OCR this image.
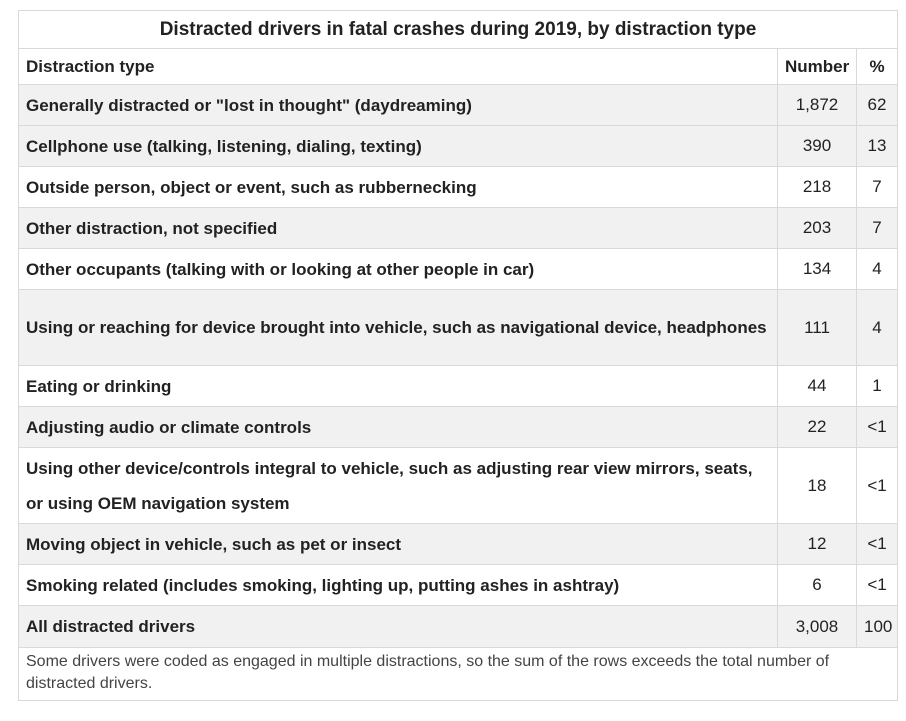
Distracted drivers in fatal crashes during 2019, by distraction type		
Distraction type	Number	%
Generally distracted or "lost in thought" (daydreaming)	1,872	62
Cellphone use (talking, listening, dialing, texting)	390	13
Outside person, object or event, such as rubbernecking	218	7
Other distraction, not specified	203	7
Other occupants (talking with or looking at other people in car)	134	4
Using or reaching for device brought into vehicle, such as navigational device, headphones	111	4
Eating or drinking	44	1
Adjusting audio or climate controls	22	<1
Using other device/controls integral to vehicle, such as adjusting rear view mirrors, seats, or using OEM navigation system	18	<1
Moving object in vehicle, such as pet or insect	12	<1
Smoking related (includes smoking, lighting up, putting ashes in ashtray)	6	<1
All distracted drivers	3,008	100
Some drivers were coded as engaged in multiple distractions, so the sum of the rows exceeds the total number of distracted drivers.		
